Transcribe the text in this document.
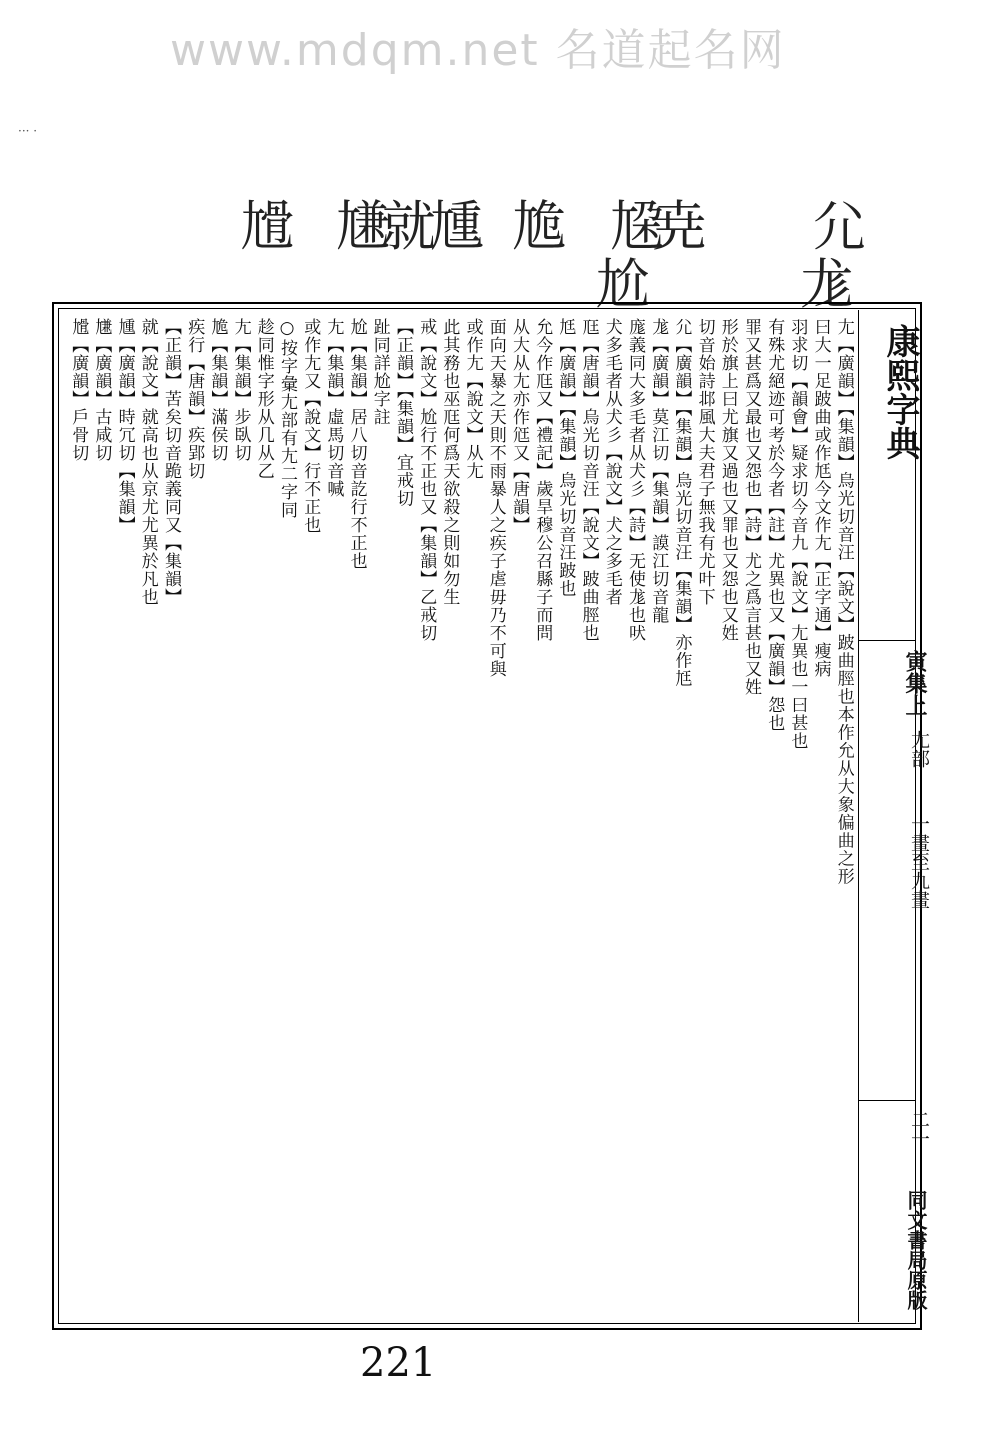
www.mdqm.net 名道起名网
··· ·
尳 尲
就
尰 尯 尮
尭
尬
尣
尨
康熙字典
寅集上
尢部
一畫至九畫
二一
同文書局原版
尢【廣韻】【集韻】烏光切音汪【說文】跛曲脛也本作允从大象偏曲之形
曰大一足跛曲或作尪今文作𡯁【正字通】瘦病
羽求切【韻會】疑求切今音九【說文】尢異也一曰甚也
有殊尤絕迹可考於今者【註】尤異也又【廣韻】怨也
罪又甚爲又最也又怨也【詩】尤之爲言甚也又姓
形於旗上曰尤旗又過也又罪也又怨也又姓
切音始詩邶風大夫君子無我有尤叶下
尣【廣韻】【集韻】烏光切音汪【集韻】亦作尪
尨【廣韻】莫江切【集韻】謨江切音龍
庬義同大多毛者从犬彡【詩】无使尨也吠
犬多毛者从犬彡【說文】犬之多毛者
尫【唐韻】烏光切音汪【說文】跛曲脛也
尪【廣韻】【集韻】烏光切音汪跛也
允今作尫又【禮記】歲旱穆公召縣子而問
从大从尢亦作尩又【唐韻】
面向天暴之天則不雨暴人之疾子虐毋乃不可與
或作𡯁【說文】从尢
此其務也巫尫何爲天欲殺之則如勿生
戒【說文】尬行不正也又【集韻】乙戒切
【正韻】【集韻】宜戒切
趾同詳尬字註
尬【集韻】居八切音訖行不正也
𡯁【集韻】虛馬切音喊
或作𡯁又【說文】行不正也
○按字彙尢部有𡯁二字同
趁同惟字形从几从乙
𡯁【集韻】步臥切
尯【集韻】滿侯切
疾行【唐韻】疾郢切
【正韻】苦矣切音跪義同又【集韻】
就【說文】就高也从京尤尤異於凡也
尰【廣韻】時冗切【集韻】
尲【廣韻】古咸切
尳【廣韻】戶骨切
221
